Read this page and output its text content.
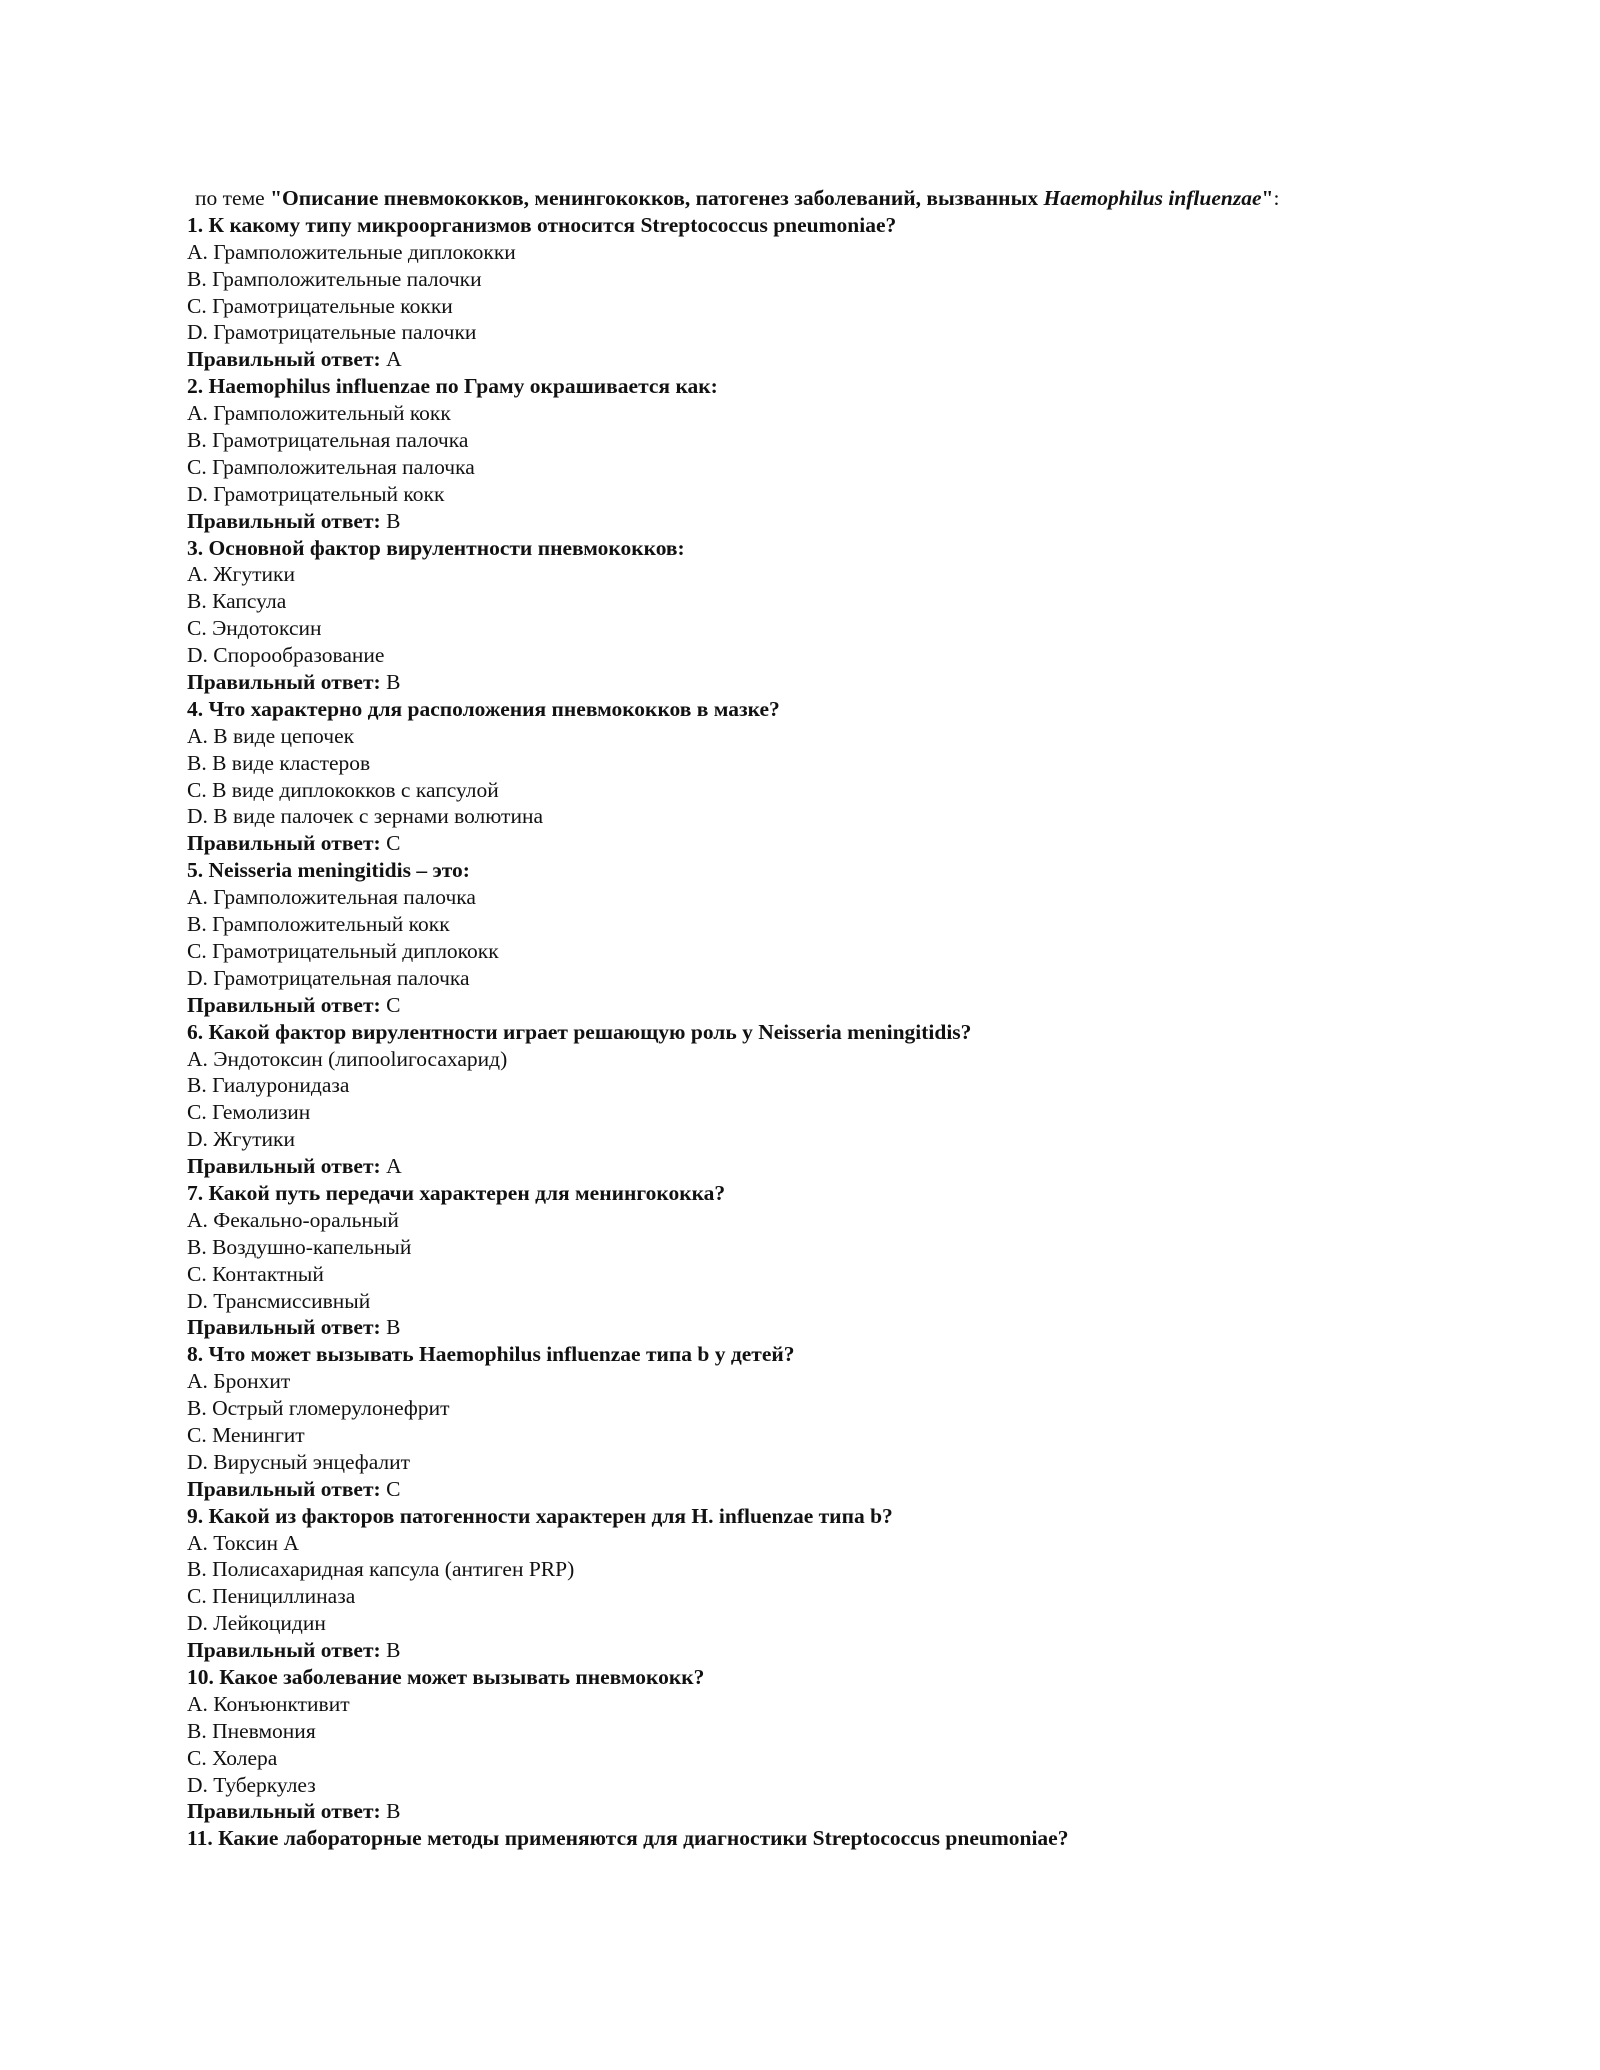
по теме "Описание пневмококков, менингококков, патогенез заболеваний, вызванных Haemophilus influenzae":
1. К какому типу микроорганизмов относится Streptococcus pneumoniae?
A. Грамположительные диплококки
B. Грамположительные палочки
C. Грамотрицательные кокки
D. Грамотрицательные палочки
Правильный ответ: A
2. Haemophilus influenzae по Граму окрашивается как:
A. Грамположительный кокк
B. Грамотрицательная палочка
C. Грамположительная палочка
D. Грамотрицательный кокк
Правильный ответ: B
3. Основной фактор вирулентности пневмококков:
A. Жгутики
B. Капсула
C. Эндотоксин
D. Спорообразование
Правильный ответ: B
4. Что характерно для расположения пневмококков в мазке?
A. В виде цепочек
B. В виде кластеров
C. В виде диплококков с капсулой
D. В виде палочек с зернами волютина
Правильный ответ: C
5. Neisseria meningitidis – это:
A. Грамположительная палочка
B. Грамположительный кокк
C. Грамотрицательный диплококк
D. Грамотрицательная палочка
Правильный ответ: C
6. Какой фактор вирулентности играет решающую роль у Neisseria meningitidis?
A. Эндотоксин (липоolигосахарид)
B. Гиалуронидаза
C. Гемолизин
D. Жгутики
Правильный ответ: A
7. Какой путь передачи характерен для менингококка?
A. Фекально-оральный
B. Воздушно-капельный
C. Контактный
D. Трансмиссивный
Правильный ответ: B
8. Что может вызывать Haemophilus influenzae типа b у детей?
A. Бронхит
B. Острый гломерулонефрит
C. Менингит
D. Вирусный энцефалит
Правильный ответ: C
9. Какой из факторов патогенности характерен для H. influenzae типа b?
A. Токсин A
B. Полисахаридная капсула (антиген PRP)
C. Пенициллиназа
D. Лейкоцидин
Правильный ответ: B
10. Какое заболевание может вызывать пневмококк?
A. Конъюнктивит
B. Пневмония
C. Холера
D. Туберкулез
Правильный ответ: B
11. Какие лабораторные методы применяются для диагностики Streptococcus pneumoniae?
